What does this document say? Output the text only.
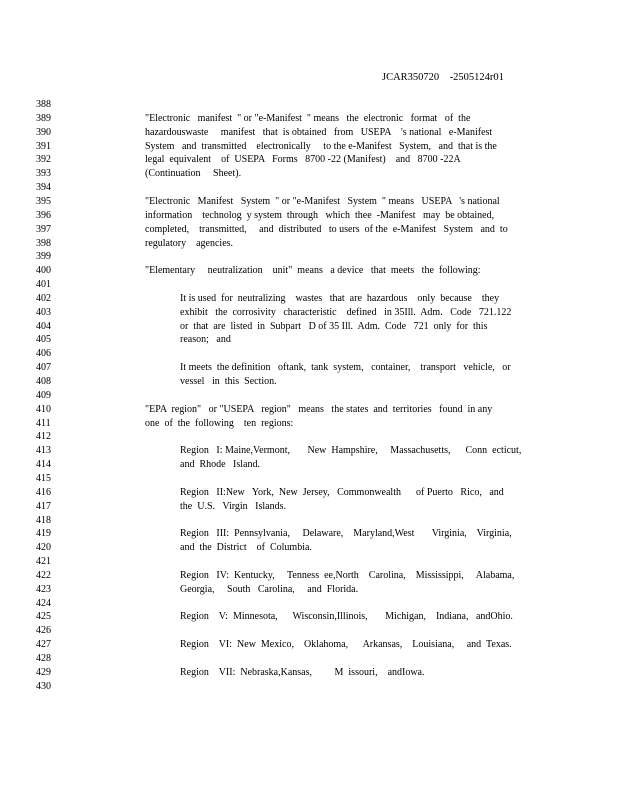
JCAR350720 -2505124r01
388
389
390
391
392
393
394
395
396
397
398
399
400
401
402
403
404
405
406
407
408
409
410
411
412
413
414
415
416
417
418
419
420
421
422
423
424
425
426
427
428
429
430
"Electronic   manifest  " or "e-Manifest  " means   the  electronic   format   of  the
hazardouswaste     manifest   that  is obtained   from   USEPA    's national   e-Manifest
System   and  transmitted    electronically     to the e-Manifest   System,   and  that is the
legal  equivalent    of  USEPA   Forms   8700 -22 (Manifest)    and   8700 -22A
(Continuation     Sheet).
"Electronic   Manifest   System  " or "e-Manifest   System  " means   USEPA   's national
information    technolog  y system  through   which  thee  -Manifest   may  be obtained,
completed,    transmitted,     and  distributed   to users  of the  e-Manifest   System   and  to
regulatory    agencies.
"Elementary     neutralization    unit"  means   a device   that  meets   the  following:
It is used  for  neutralizing    wastes   that  are  hazardous    only  because    they
exhibit   the  corrosivity   characteristic    defined   in 35Ill.  Adm.   Code   721.122
or  that  are  listed  in  Subpart   D of 35 Ill.  Adm.  Code   721  only  for  this
reason;   and
It meets  the definition   oftank,  tank  system,   container,    transport   vehicle,   or
vessel   in  this  Section.
"EPA  region"   or "USEPA   region"   means   the states  and  territories   found  in any
one  of  the  following    ten  regions:
Region   I: Maine,Vermont,       New  Hampshire,     Massachusetts,      Conn  ecticut,
and  Rhode   Island.
Region   II:New   York,  New  Jersey,   Commonwealth      of Puerto   Rico,   and
the  U.S.   Virgin   Islands.
Region   III:  Pennsylvania,     Delaware,    Maryland,West       Virginia,    Virginia,
and  the  District    of  Columbia.
Region   IV:  Kentucky,     Tenness  ee,North    Carolina,    Mississippi,     Alabama,
Georgia,     South   Carolina,     and  Florida.
Region    V:  Minnesota,      Wisconsin,Illinois,       Michigan,    Indiana,   andOhio.
Region    VI:  New  Mexico,    Oklahoma,      Arkansas,    Louisiana,     and  Texas.
Region    VII:  Nebraska,Kansas,         M  issouri,    andIowa.
